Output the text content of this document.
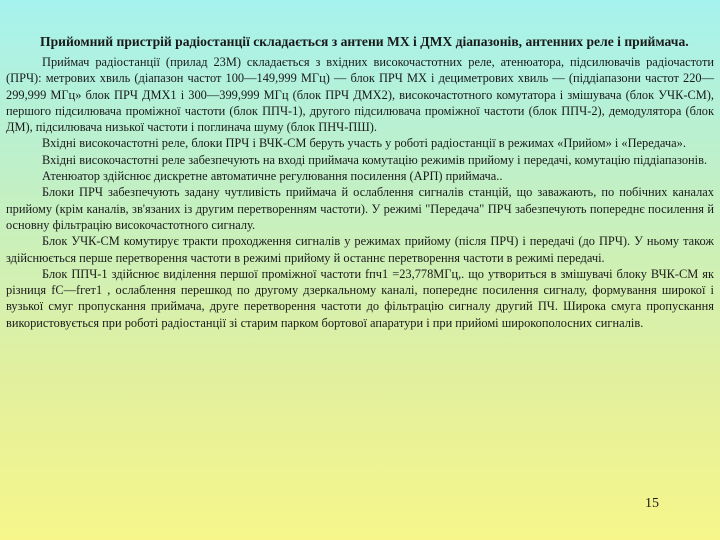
Прийомний пристрій радіостанції складається з антени МХ і ДМХ діапазонів, антенних реле і приймача.

Приймач радіостанції (прилад 23М) складається з вхідних високочастотних реле, атенюатора, підсилювачів радіочастоти (ПРЧ): метрових хвиль (діапазон частот 100—149,999 МГц) — блок ПРЧ МХ і дециметрових хвиль — (піддіапазони частот 220—299,999 МГц» блок ПРЧ ДМХ1 і 300—399,999 МГц (блок ПРЧ ДМХ2), високочастотного комутатора і змішувача (блок УЧК-СМ), першого підсилювача проміжної частоти (блок ППЧ-1), другого підсилювача проміжної частоти (блок ППЧ-2), демодулятора (блок ДМ), підсилювача низької частоти і поглинача шуму (блок ПНЧ-ПШ).

Вхідні високочастотні реле, блоки ПРЧ і ВЧК-СМ беруть участь у роботі радіостанції в режимах «Прийом» і «Передача».

Вхідні високочастотні реле забезпечують на вході приймача комутацію режимів прийому і передачі, комутацію піддіапазонів.

Атенюатор здійснює дискретне автоматичне регулювання посилення (АРП) приймача..

Блоки ПРЧ забезпечують задану чутливість приймача й ослаблення сигналів станцій, що заважають, по побічних каналах прийому (крім каналів, зв'язаних із другим перетворенням частоти). У режимі "Передача" ПРЧ забезпечують попереднє посилення й основну фільтрацію високочастотного сигналу.

Блок УЧК-СМ комутирує тракти проходження сигналів у режимах прийому (після ПРЧ) і передачі (до ПРЧ). У ньому також здійснюється перше перетворення частоти в режимі прийому й останнє перетворення частоти в режимі передачі.

Блок ППЧ-1 здійснює виділення першої проміжної частоти fпч1 =23,778МГц,. що утвориться в змішувачі блоку ВЧК-СМ як різниця fC—fгет1 , ослаблення перешкод по другому дзеркальному каналі, попереднє посилення сигналу, формування широкої і вузької смуг пропускання приймача, друге перетворення частоти до фільтрацію сигналу другий ПЧ. Широка смуга пропускання використовується при роботі радіостанції зі старим парком бортової апаратури і при прийомі широкополосних сигналів.

15
